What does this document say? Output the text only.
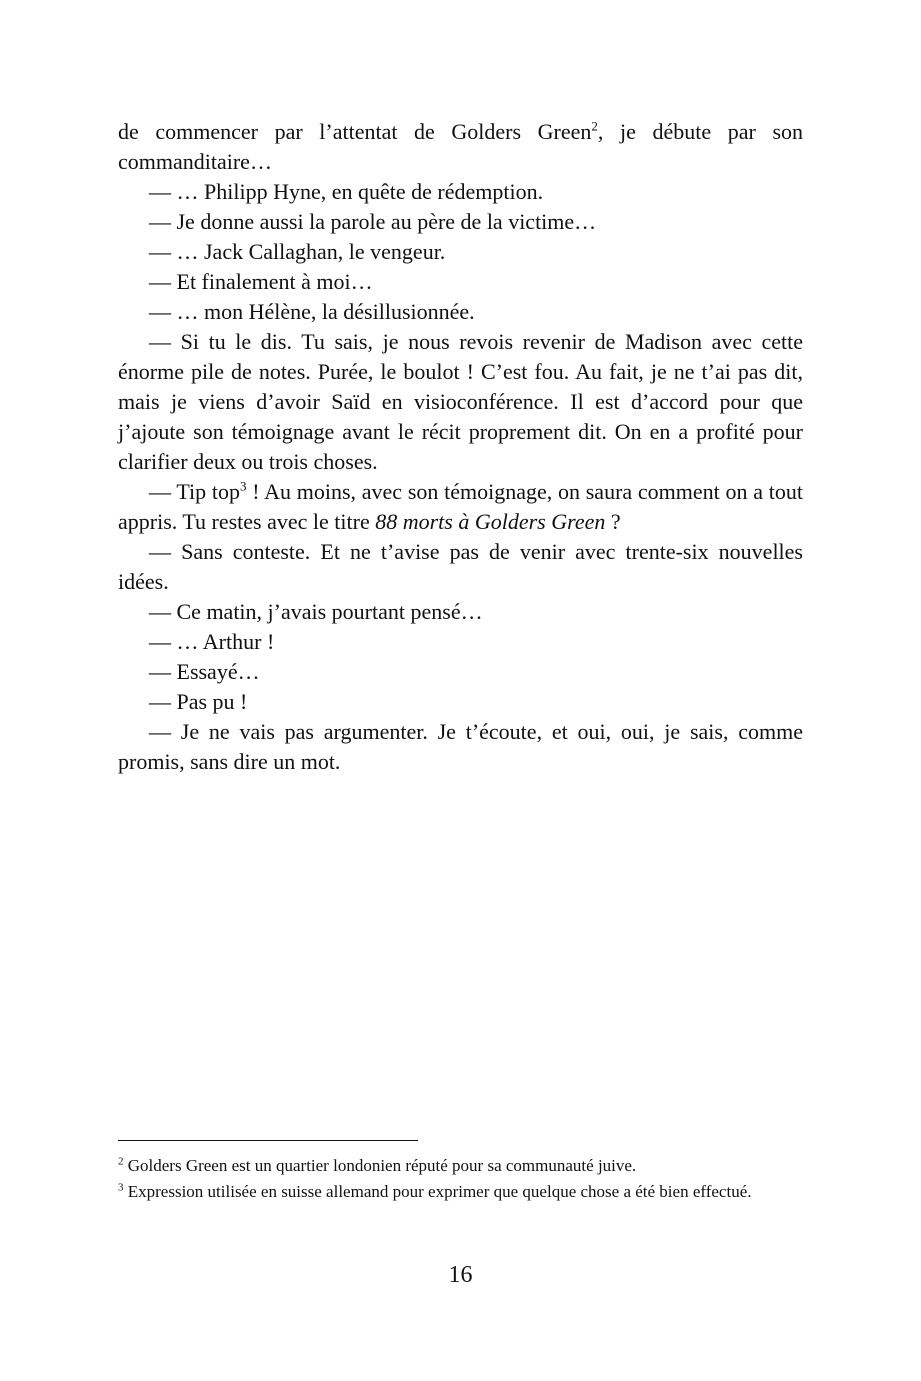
de commencer par l’attentat de Golders Green$^2$, je débute par son commanditaire…

— … Philipp Hyne, en quête de rédemption.

— Je donne aussi la parole au père de la victime…

— … Jack Callaghan, le vengeur.

— Et finalement à moi…

— … mon Hélène, la désillusionnée.

— Si tu le dis. Tu sais, je nous revois revenir de Madison avec cette énorme pile de notes. Purée, le boulot ! C’est fou. Au fait, je ne t’ai pas dit, mais je viens d’avoir Saïd en visioconférence. Il est d’accord pour que j’ajoute son témoignage avant le récit proprement dit. On en a profité pour clarifier deux ou trois choses.

— Tip top$^3$ ! Au moins, avec son témoignage, on saura comment on a tout appris. Tu restes avec le titre 88 morts à Golders Green ?

— Sans conteste. Et ne t’avise pas de venir avec trente-six nouvelles idées.

— Ce matin, j’avais pourtant pensé…

— … Arthur !

— Essayé…

— Pas pu !

— Je ne vais pas argumenter. Je t’écoute, et oui, oui, je sais, comme promis, sans dire un mot.

$^2$ Golders Green est un quartier londonien réputé pour sa communauté juive.

$^3$ Expression utilisée en suisse allemand pour exprimer que quelque chose a été bien effectué.

16
